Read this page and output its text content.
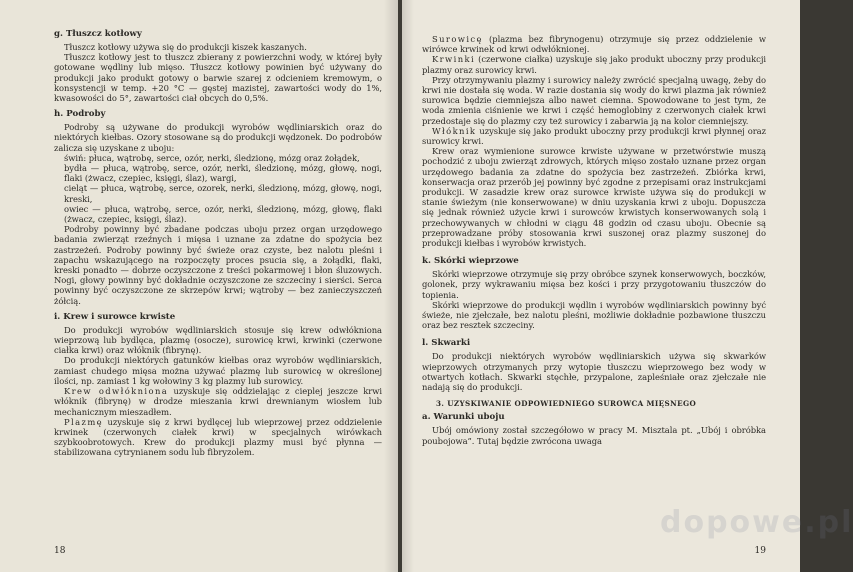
g. Tłuszcz kotłowy

Tłuszcz kotłowy używa się do produkcji kiszek kaszanych.

Tłuszcz kotłowy jest to tłuszcz zbierany z powierzchni wody, w której były gotowane wędliny lub mięso. Tłuszcz kotłowy powinien być używany do produkcji jako produkt gotowy o barwie szarej z odcieniem kremowym, o konsystencji w temp. +20 °C — gęstej mazistej, zawartości wody do 1%, kwasowości do 5°, zawartości ciał obcych do 0,5%.

h. Podroby

Podroby są używane do produkcji wyrobów wędliniarskich oraz do niektórych kiełbas. Ozory stosowane są do produkcji wędzonek. Do podrobów zalicza się uzyskane z uboju:

świń: płuca, wątrobę, serce, ozór, nerki, śledzionę, mózg oraz żołądek,

bydła — płuca, wątrobę, serce, ozór, nerki, śledzionę, mózg, głowę, nogi, flaki (żwacz, czepiec, księgi, ślaz), wargi,

cieląt — płuca, wątrobę, serce, ozorek, nerki, śledzionę, mózg, głowę, nogi, kreski,

owiec — płuca, wątrobę, serce, ozór, nerki, śledzionę, mózg, głowę, flaki (żwacz, czepiec, księgi, ślaz).

Podroby powinny być zbadane podczas uboju przez organ urzędowego badania zwierząt rzeźnych i mięsa i uznane za zdatne do spożycia bez zastrzeżeń. Podroby powinny być świeże oraz czyste, bez nalotu pleśni i zapachu wskazującego na rozpoczęty proces psucia się, a żołądki, flaki, kreski ponadto — dobrze oczyszczone z treści pokarmowej i błon śluzowych. Nogi, głowy powinny być dokładnie oczyszczone ze szczeciny i sierści. Serca powinny być oczyszczone ze skrzepów krwi; wątroby — bez zanieczyszczeń żółcią.

i. Krew i surowce krwiste

Do produkcji wyrobów wędliniarskich stosuje się krew odwłókniona wieprzową lub bydlęca, plazmę (osocze), surowicę krwi, krwinki (czerwone ciałka krwi) oraz włóknik (fibrynę).

Do produkcji niektórych gatunków kiełbas oraz wyrobów wędliniarskich, zamiast chudego mięsa można używać plazmę lub surowicę w określonej ilości, np. zamiast 1 kg wołowiny 3 kg plazmy lub surowicy.

Krew odwłókniona uzyskuje się oddzielając z cieplej jeszcze krwi włóknik (fibrynę) w drodze mieszania krwi drewnianym wiosłem lub mechanicznym mieszadłem.

Plazmę uzyskuje się z krwi bydlęcej lub wieprzowej przez oddzielenie krwinek (czerwonych ciałek krwi) w specjalnych wirówkach szybkoobrotowych. Krew do produkcji plazmy musi być płynna — stabilizowana cytrynianem sodu lub fibryzolem.

18

Surowicę (plazma bez fibrynogenu) otrzymuje się przez oddzielenie w wirówce krwinek od krwi odwłóknionej.

Krwinki (czerwone ciałka) uzyskuje się jako produkt uboczny przy produkcji plazmy oraz surowicy krwi.

Przy otrzymywaniu plazmy i surowicy należy zwrócić specjalną uwagę, żeby do krwi nie dostała się woda. W razie dostania się wody do krwi plazma jak również surowica będzie ciemniejsza albo nawet ciemna. Spowodowane to jest tym, że woda zmienia ciśnienie we krwi i część hemoglobiny z czerwonych ciałek krwi przedostaje się do plazmy czy też surowicy i zabarwia ją na kolor ciemniejszy.

Włóknik uzyskuje się jako produkt uboczny przy produkcji krwi płynnej oraz surowicy krwi.

Krew oraz wymienione surowce krwiste używane w przetwórstwie muszą pochodzić z uboju zwierząt zdrowych, których mięso zostało uznane przez organ urzędowego badania za zdatne do spożycia bez zastrzeżeń. Zbiórka krwi, konserwacja oraz przerób jej powinny być zgodne z przepisami oraz instrukcjami produkcji. W zasadzie krew oraz surowce krwiste używa się do produkcji w stanie świeżym (nie konserwowane) w dniu uzyskania krwi z uboju. Dopuszcza się jednak również użycie krwi i surowców krwistych konserwowanych solą i przechowywanych w chłodni w ciągu 48 godzin od czasu uboju. Obecnie są przeprowadzane próby stosowania krwi suszonej oraz plazmy suszonej do produkcji kiełbas i wyrobów krwistych.

k. Skórki wieprzowe

Skórki wieprzowe otrzymuje się przy obróbce szynek konserwowych, boczków, golonek, przy wykrawaniu mięsa bez kości i przy przygotowaniu tłuszczów do topienia.

Skórki wieprzowe do produkcji wędlin i wyrobów wędliniarskich powinny być świeże, nie zjełczałe, bez nalotu pleśni, możliwie dokładnie pozbawione tłuszczu oraz bez resztek szczeciny.

l. Skwarki

Do produkcji niektórych wyrobów wędliniarskich używa się skwarków wieprzowych otrzymanych przy wytopie tłuszczu wieprzowego bez wody w otwartych kotłach. Skwarki stęchłe, przypalone, zapleśniałe oraz zjełczałe nie nadają się do produkcji.

3. UZYSKIWANIE ODPOWIEDNIEGO SUROWCA MIĘSNEGO
a. Warunki uboju

Ubój omówiony został szczegółowo w pracy M. Misztala pt. „Ubój i obróbka poubojowa”. Tutaj będzie zwrócona uwaga

19
dopowe.pl
